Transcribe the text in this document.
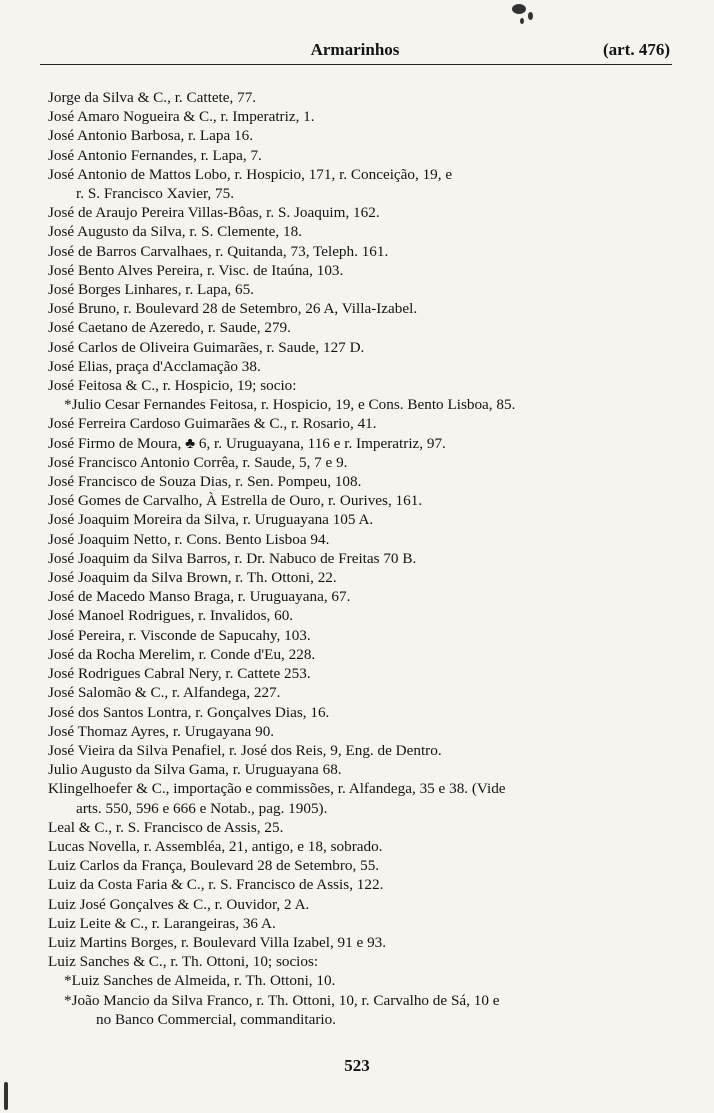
Armarinhos	(art. 476)
Jorge da Silva & C., r. Cattete, 77.
José Amaro Nogueira & C., r. Imperatriz, 1.
José Antonio Barbosa, r. Lapa 16.
José Antonio Fernandes, r. Lapa, 7.
José Antonio de Mattos Lobo, r. Hospicio, 171, r. Conceição, 19, e
r. S. Francisco Xavier, 75.
José de Araujo Pereira Villas-Bôas, r. S. Joaquim, 162.
José Augusto da Silva, r. S. Clemente, 18.
José de Barros Carvalhaes, r. Quitanda, 73, Teleph. 161.
José Bento Alves Pereira, r. Visc. de Itaúna, 103.
José Borges Linhares, r. Lapa, 65.
José Bruno, r. Boulevard 28 de Setembro, 26 A, Villa-Izabel.
José Caetano de Azeredo, r. Saude, 279.
José Carlos de Oliveira Guimarães, r. Saude, 127 D.
José Elias, praça d'Acclamação 38.
José Feitosa & C., r. Hospicio, 19; socio:
*Julio Cesar Fernandes Feitosa, r. Hospicio, 19, e Cons. Bento Lisboa, 85.
José Ferreira Cardoso Guimarães & C., r. Rosario, 41.
José Firmo de Moura, ♣ 6, r. Uruguayana, 116 e r. Imperatriz, 97.
José Francisco Antonio Corrêa, r. Saude, 5, 7 e 9.
José Francisco de Souza Dias, r. Sen. Pompeu, 108.
José Gomes de Carvalho, À Estrella de Ouro, r. Ourives, 161.
José Joaquim Moreira da Silva, r. Uruguayana 105 A.
José Joaquim Netto, r. Cons. Bento Lisboa 94.
José Joaquim da Silva Barros, r. Dr. Nabuco de Freitas 70 B.
José Joaquim da Silva Brown, r. Th. Ottoni, 22.
José de Macedo Manso Braga, r. Uruguayana, 67.
José Manoel Rodrigues, r. Invalidos, 60.
José Pereira, r. Visconde de Sapucahy, 103.
José da Rocha Merelim, r. Conde d'Eu, 228.
José Rodrigues Cabral Nery, r. Cattete 253.
José Salomão & C., r. Alfandega, 227.
José dos Santos Lontra, r. Gonçalves Dias, 16.
José Thomaz Ayres, r. Urugayana 90.
José Vieira da Silva Penafiel, r. José dos Reis, 9, Eng. de Dentro.
Julio Augusto da Silva Gama, r. Uruguayana 68.
Klingelhoefer & C., importação e commissões, r. Alfandega, 35 e 38. (Vide
arts. 550, 596 e 666 e Notab., pag. 1905).
Leal & C., r. S. Francisco de Assis, 25.
Lucas Novella, r. Assembléa, 21, antigo, e 18, sobrado.
Luiz Carlos da França, Boulevard 28 de Setembro, 55.
Luiz da Costa Faria & C., r. S. Francisco de Assis, 122.
Luiz José Gonçalves & C., r. Ouvidor, 2 A.
Luiz Leite & C., r. Larangeiras, 36 A.
Luiz Martins Borges, r. Boulevard Villa Izabel, 91 e 93.
Luiz Sanches & C., r. Th. Ottoni, 10; socios:
*Luiz Sanches de Almeida, r. Th. Ottoni, 10.
*João Mancio da Silva Franco, r. Th. Ottoni, 10, r. Carvalho de Sá, 10 e
no Banco Commercial, commanditario.
523
